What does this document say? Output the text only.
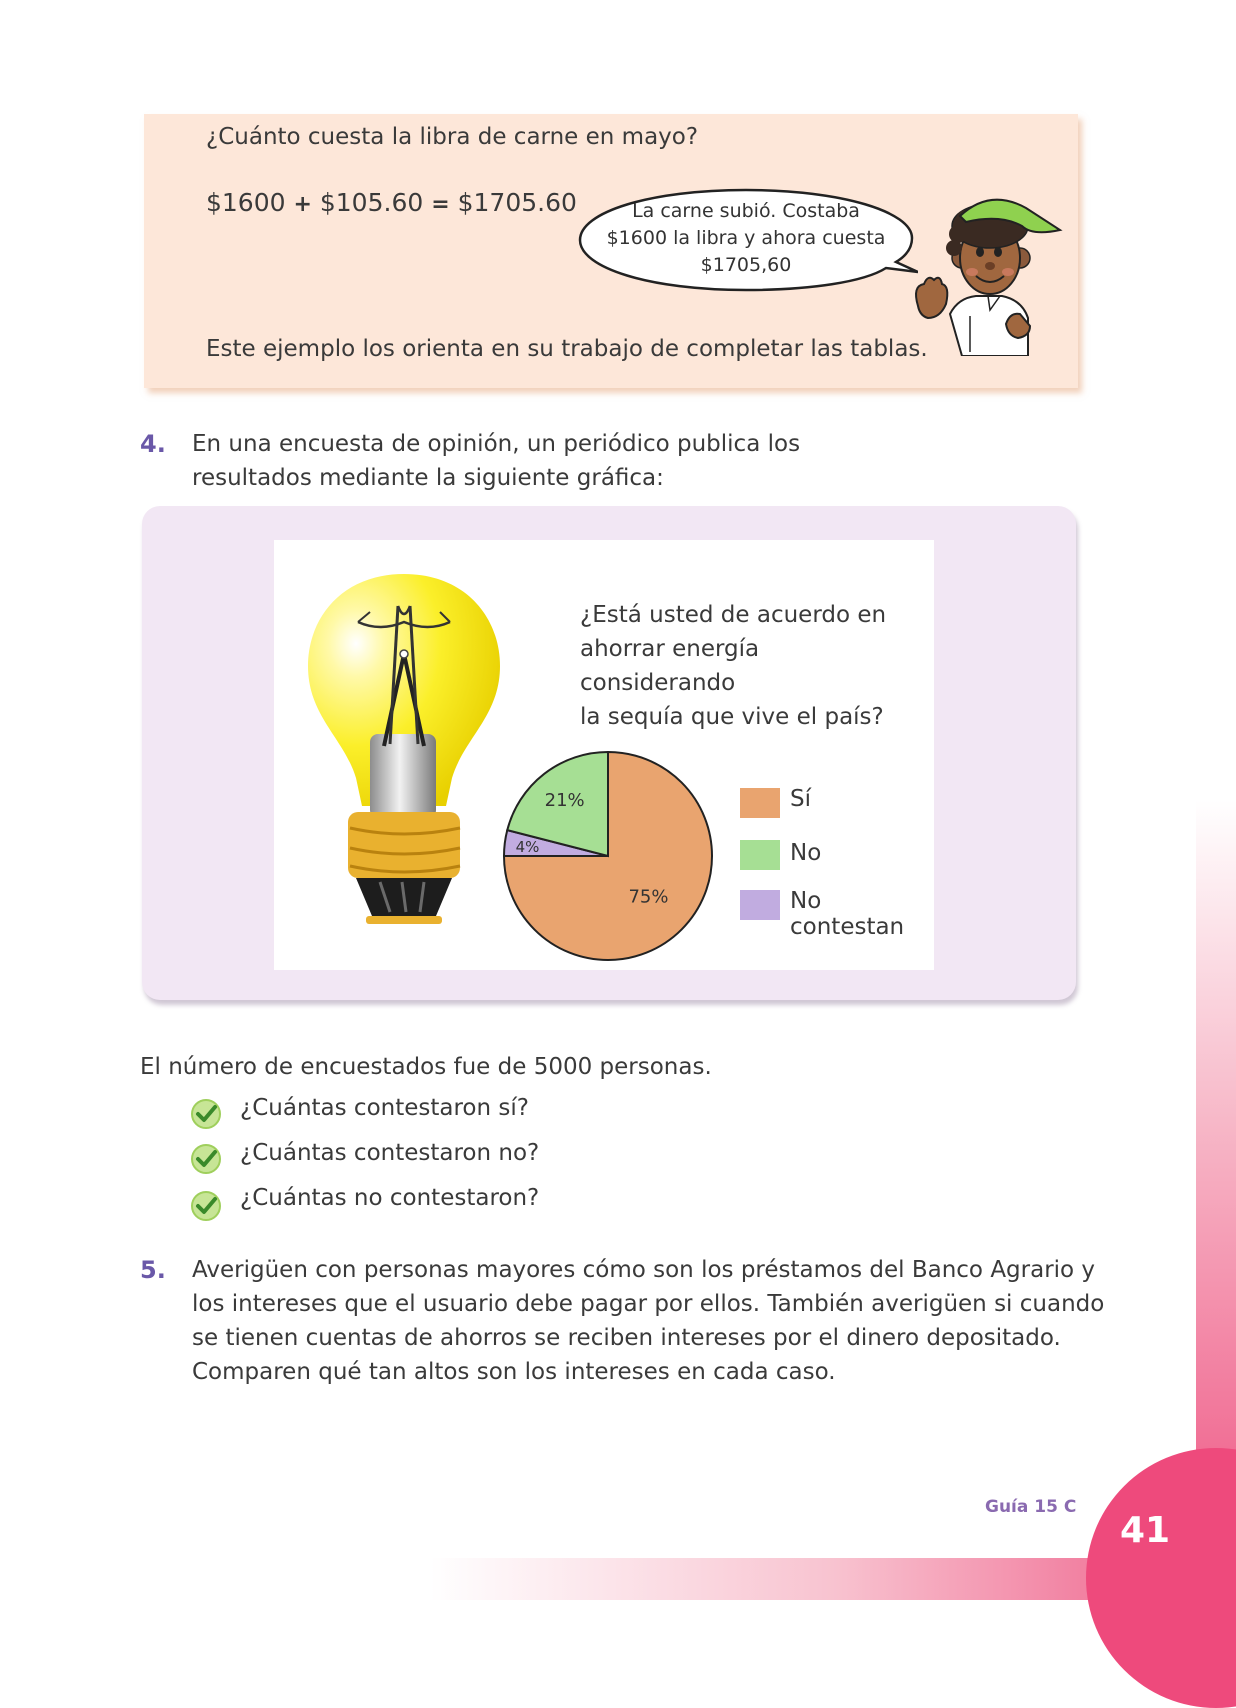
41
Guía 15 C
¿Cuánto cuesta la libra de carne en mayo?
$1600 + $105.60 = $1705.60
Este ejemplo los orienta en su trabajo de completar las tablas.
La carne subió. Costaba
$1600 la libra y ahora cuesta
$1705,60
4. En una encuesta de opinión, un periódico publica los
resultados mediante la siguiente gráfica:
¿Está usted de acuerdo en
ahorrar energía considerando
la sequía que vive el país?
75%
4%
21%	Sí
No
No contestan
El número de encuestados fue de 5000 personas.
¿Cuántas contestaron sí?
¿Cuántas contestaron no?
¿Cuántas no contestaron?
5. Averigüen con personas mayores cómo son los préstamos del Banco Agrario y
los intereses que el usuario debe pagar por ellos. También averigüen si cuando
se tienen cuentas de ahorros se reciben intereses por el dinero depositado.
Comparen qué tan altos son los intereses en cada caso.
